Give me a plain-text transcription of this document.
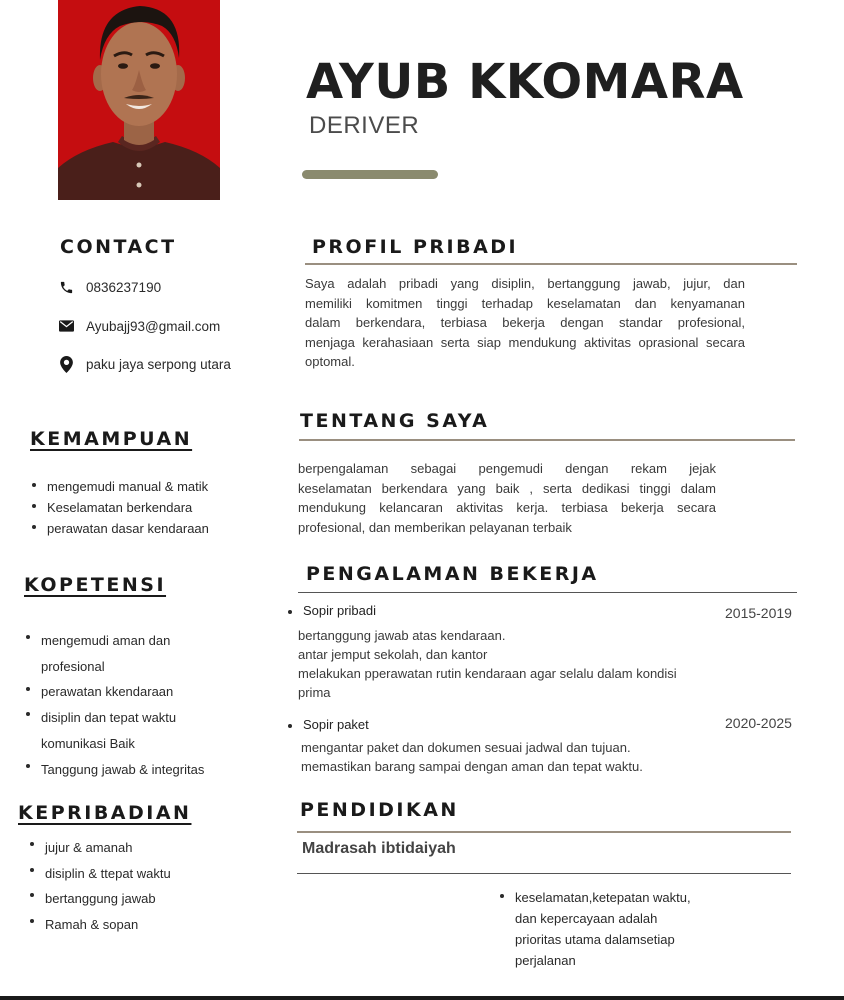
AYUB KKOMARA
DERIVER
CONTACT
0836237190
Ayubajj93@gmail.com
paku jaya serpong utara
KEMAMPUAN
mengemudi manual & matik
Keselamatan berkendara
perawatan dasar kendaraan
KOPETENSI
mengemudi aman dan
profesional
perawatan kkendaraan
disiplin dan tepat waktu
komunikasi Baik
Tanggung jawab & integritas
KEPRIBADIAN
jujur & amanah
disiplin & ttepat waktu
bertanggung jawab
Ramah & sopan
PROFIL PRIBADI
Saya adalah pribadi yang disiplin, bertanggung jawab, jujur, dan
memiliki komitmen tinggi terhadap keselamatan dan kenyamanan
dalam berkendara, terbiasa bekerja dengan standar profesional,
menjaga kerahasiaan serta siap mendukung aktivitas oprasional secara
optomal.
TENTANG SAYA
berpengalaman sebagai pengemudi dengan rekam jejak
keselamatan berkendara yang baik , serta dedikasi tinggi dalam
mendukung kelancaran aktivitas kerja. terbiasa bekerja secara
profesional, dan memberikan pelayanan terbaik
PENGALAMAN BEKERJA
Sopir pribadi	2015-2019
bertanggung jawab atas kendaraan.
antar jemput sekolah, dan kantor
melakukan pperawatan rutin kendaraan agar selalu dalam kondisi
prima
Sopir paket	2020-2025
mengantar paket dan dokumen sesuai jadwal dan tujuan.
memastikan barang sampai dengan aman dan tepat waktu.
PENDIDIKAN
Madrasah ibtidaiyah
keselamatan,ketepatan waktu,
dan kepercayaan adalah
prioritas utama dalamsetiap
perjalanan
